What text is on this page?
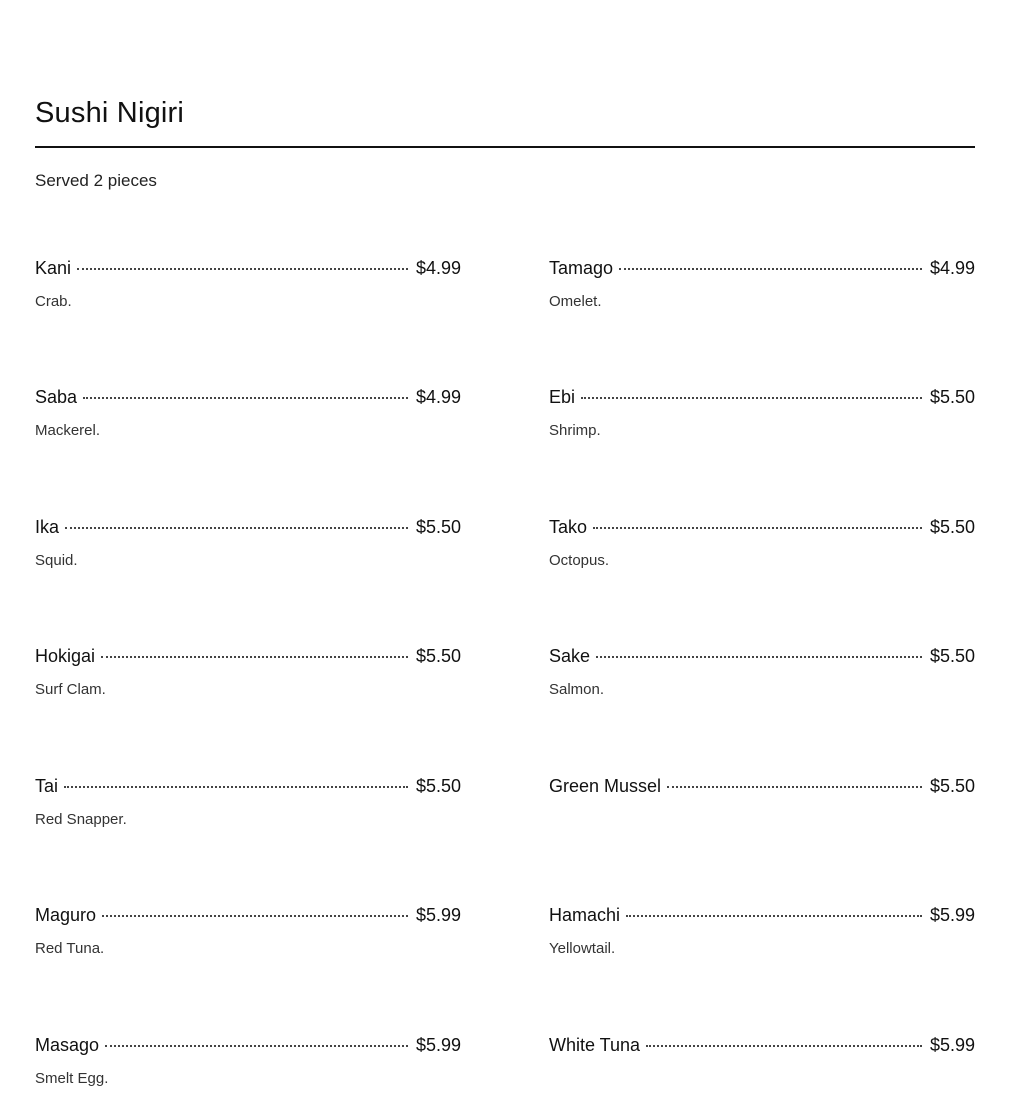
Sushi Nigiri
Served 2 pieces
Kani	$4.99
Crab.
Tamago	$4.99
Omelet.
Saba	$4.99
Mackerel.
Ebi	$5.50
Shrimp.
Ika	$5.50
Squid.
Tako	$5.50
Octopus.
Hokigai	$5.50
Surf Clam.
Sake	$5.50
Salmon.
Tai	$5.50
Red Snapper.
Green Mussel	$5.50
Maguro	$5.99
Red Tuna.
Hamachi	$5.99
Yellowtail.
Masago	$5.99
Smelt Egg.
White Tuna	$5.99
